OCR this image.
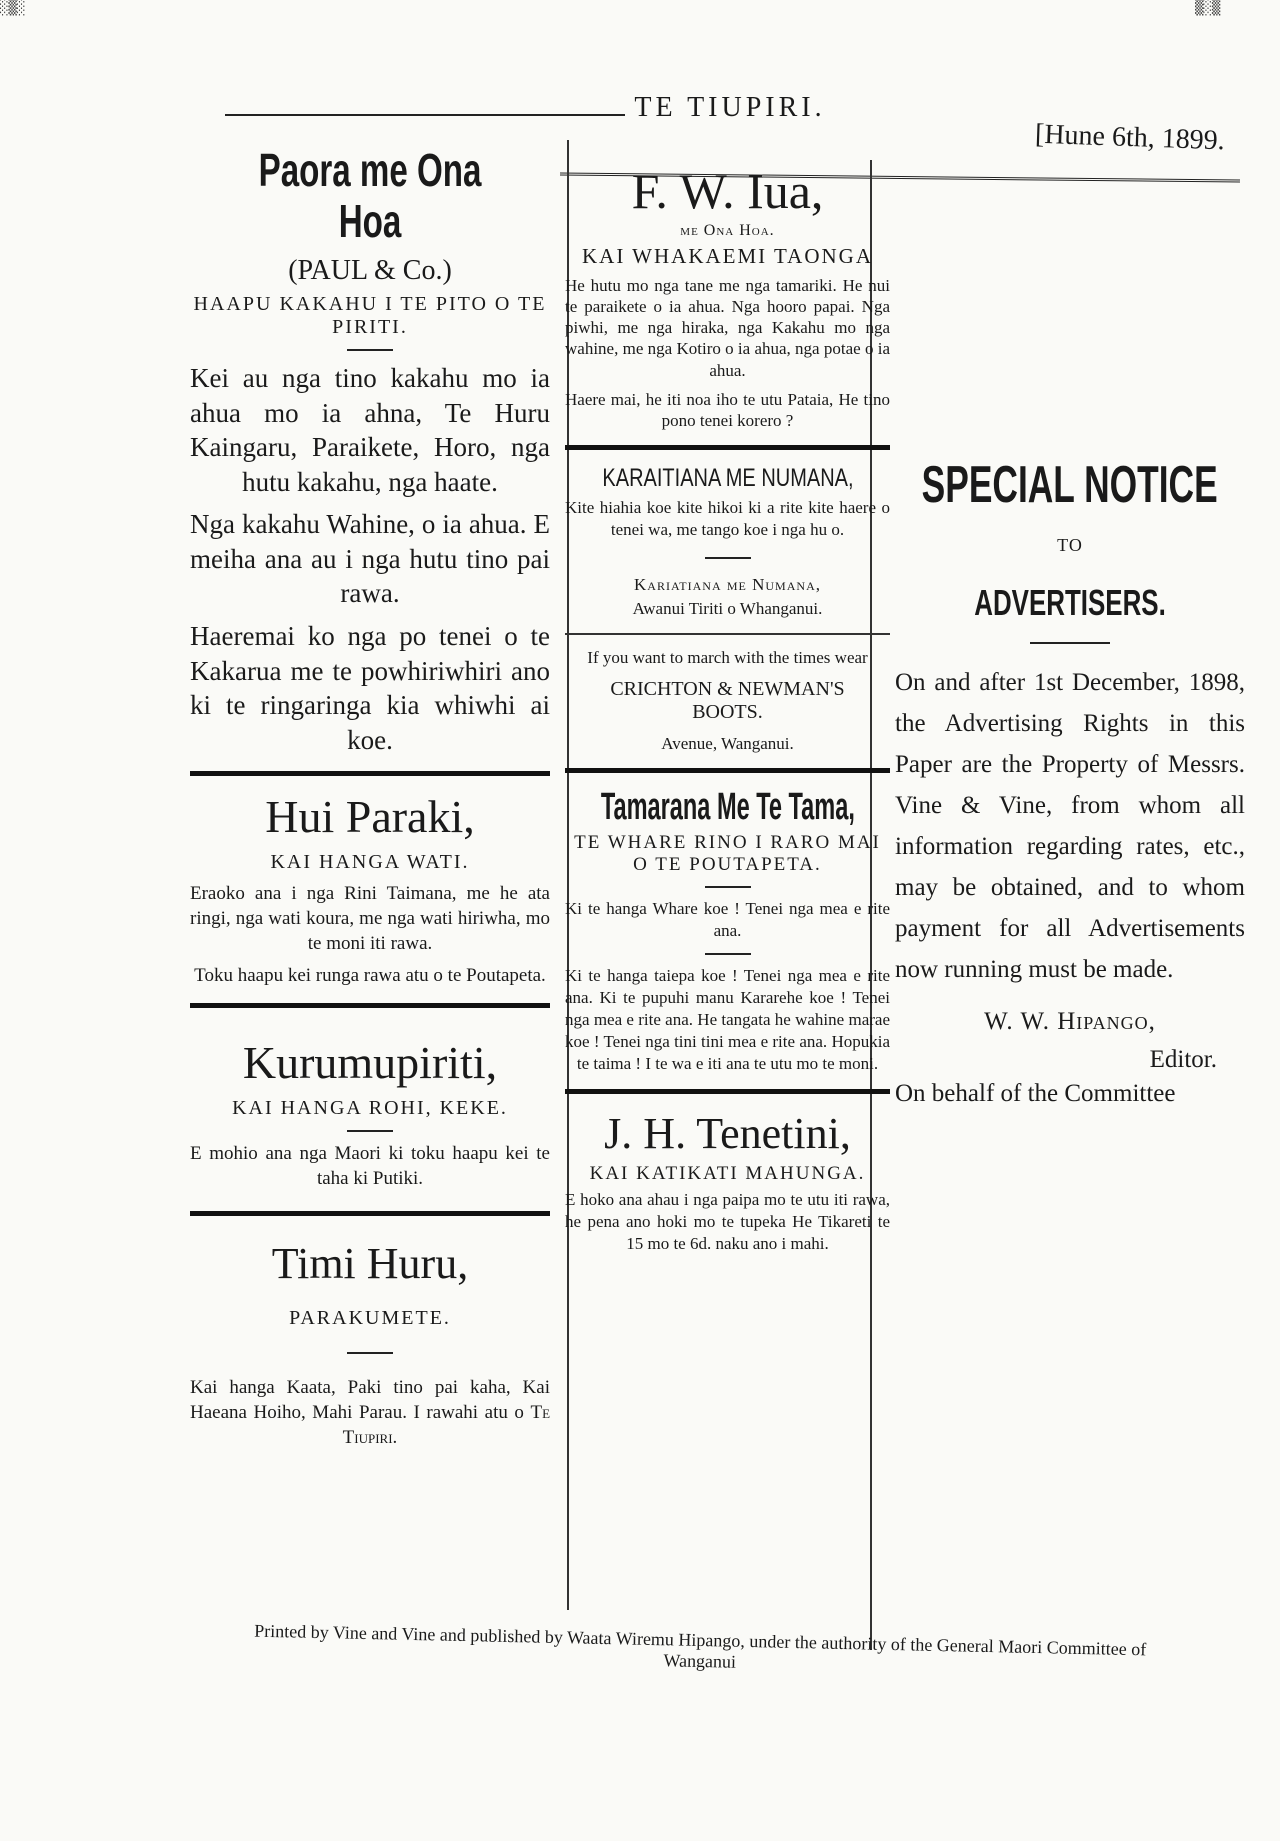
░▒░	▒░▒
TE TIUPIRI.
[Hune 6th, 1899.
Paora me Ona Hoa
(PAUL & Co.)
HAAPU KAKAHU I TE PITO O TE PIRITI.

Kei au nga tino kakahu mo ia ahua mo ia ahna, Te Huru Kaingaru, Paraikete, Horo, nga hutu kakahu, nga haate.

Nga kakahu Wahine, o ia ahua. E meiha ana au i nga hutu tino pai rawa.

Haeremai ko nga po tenei o te Kakarua me te powhiriwhiri ano ki te ringaringa kia whiwhi ai koe.

Hui Paraki,
KAI HANGA WATI.

Eraoko ana i nga Rini Taimana, me he ata ringi, nga wati koura, me nga wati hiriwha, mo te moni iti rawa.

Toku haapu kei runga rawa atu o te Poutapeta.

Kurumupiriti,
KAI HANGA ROHI, KEKE.

E mohio ana nga Maori ki toku haapu kei te taha ki Putiki.

Timi Huru,
PARAKUMETE.

Kai hanga Kaata, Paki tino pai kaha, Kai Haeana Hoiho, Mahi Parau. I rawahi atu o Te Tiupiri.

F. W. Iua,
me Ona Hoa.
KAI WHAKAEMI TAONGA

He hutu mo nga tane me nga tamariki. He nui te paraikete o ia ahua. Nga hooro papai. Nga piwhi, me nga hiraka, nga Kakahu mo nga wahine, me nga Kotiro o ia ahua, nga potae o ia ahua.

Haere mai, he iti noa iho te utu Pataia, He tino pono tenei korero ?

KARAITIANA ME NUMANA,

Kite hiahia koe kite hikoi ki a rite kite haere o tenei wa, me tango koe i nga hu o.

Kariatiana me Numana,
Awanui Tiriti o Whanganui.

If you want to march with the times wear

CRICHTON & NEWMAN'S BOOTS.
Avenue, Wanganui.
Tamarana Me Te Tama,
TE WHARE RINO I RARO MAI O TE POUTAPETA.

Ki te hanga Whare koe ! Tenei nga mea e rite ana.

Ki te hanga taiepa koe ! Tenei nga mea e rite ana. Ki te pupuhi manu Kararehe koe ! Tenei nga mea e rite ana. He tangata he wahine marae koe ! Tenei nga tini tini mea e rite ana. Hopukia te taima ! I te wa e iti ana te utu mo te moni.

J. H. Tenetini,
KAI KATIKATI MAHUNGA.

E hoko ana ahau i nga paipa mo te utu iti rawa, he pena ano hoki mo te tupeka He Tikareti te 15 mo te 6d. naku ano i mahi.

SPECIAL NOTICE
TO
ADVERTISERS.
On and after 1st December, 1898, the Advertising Rights in this Paper are the Property of Messrs. Vine & Vine, from whom all information regarding rates, etc., may be obtained, and to whom payment for all Advertisements now running must be made.
W. W. Hipango,
Editor.
On behalf of the Committee
Printed by Vine and Vine and published by Waata Wiremu Hipango, under the authority of the General Maori Committee of Wanganui
